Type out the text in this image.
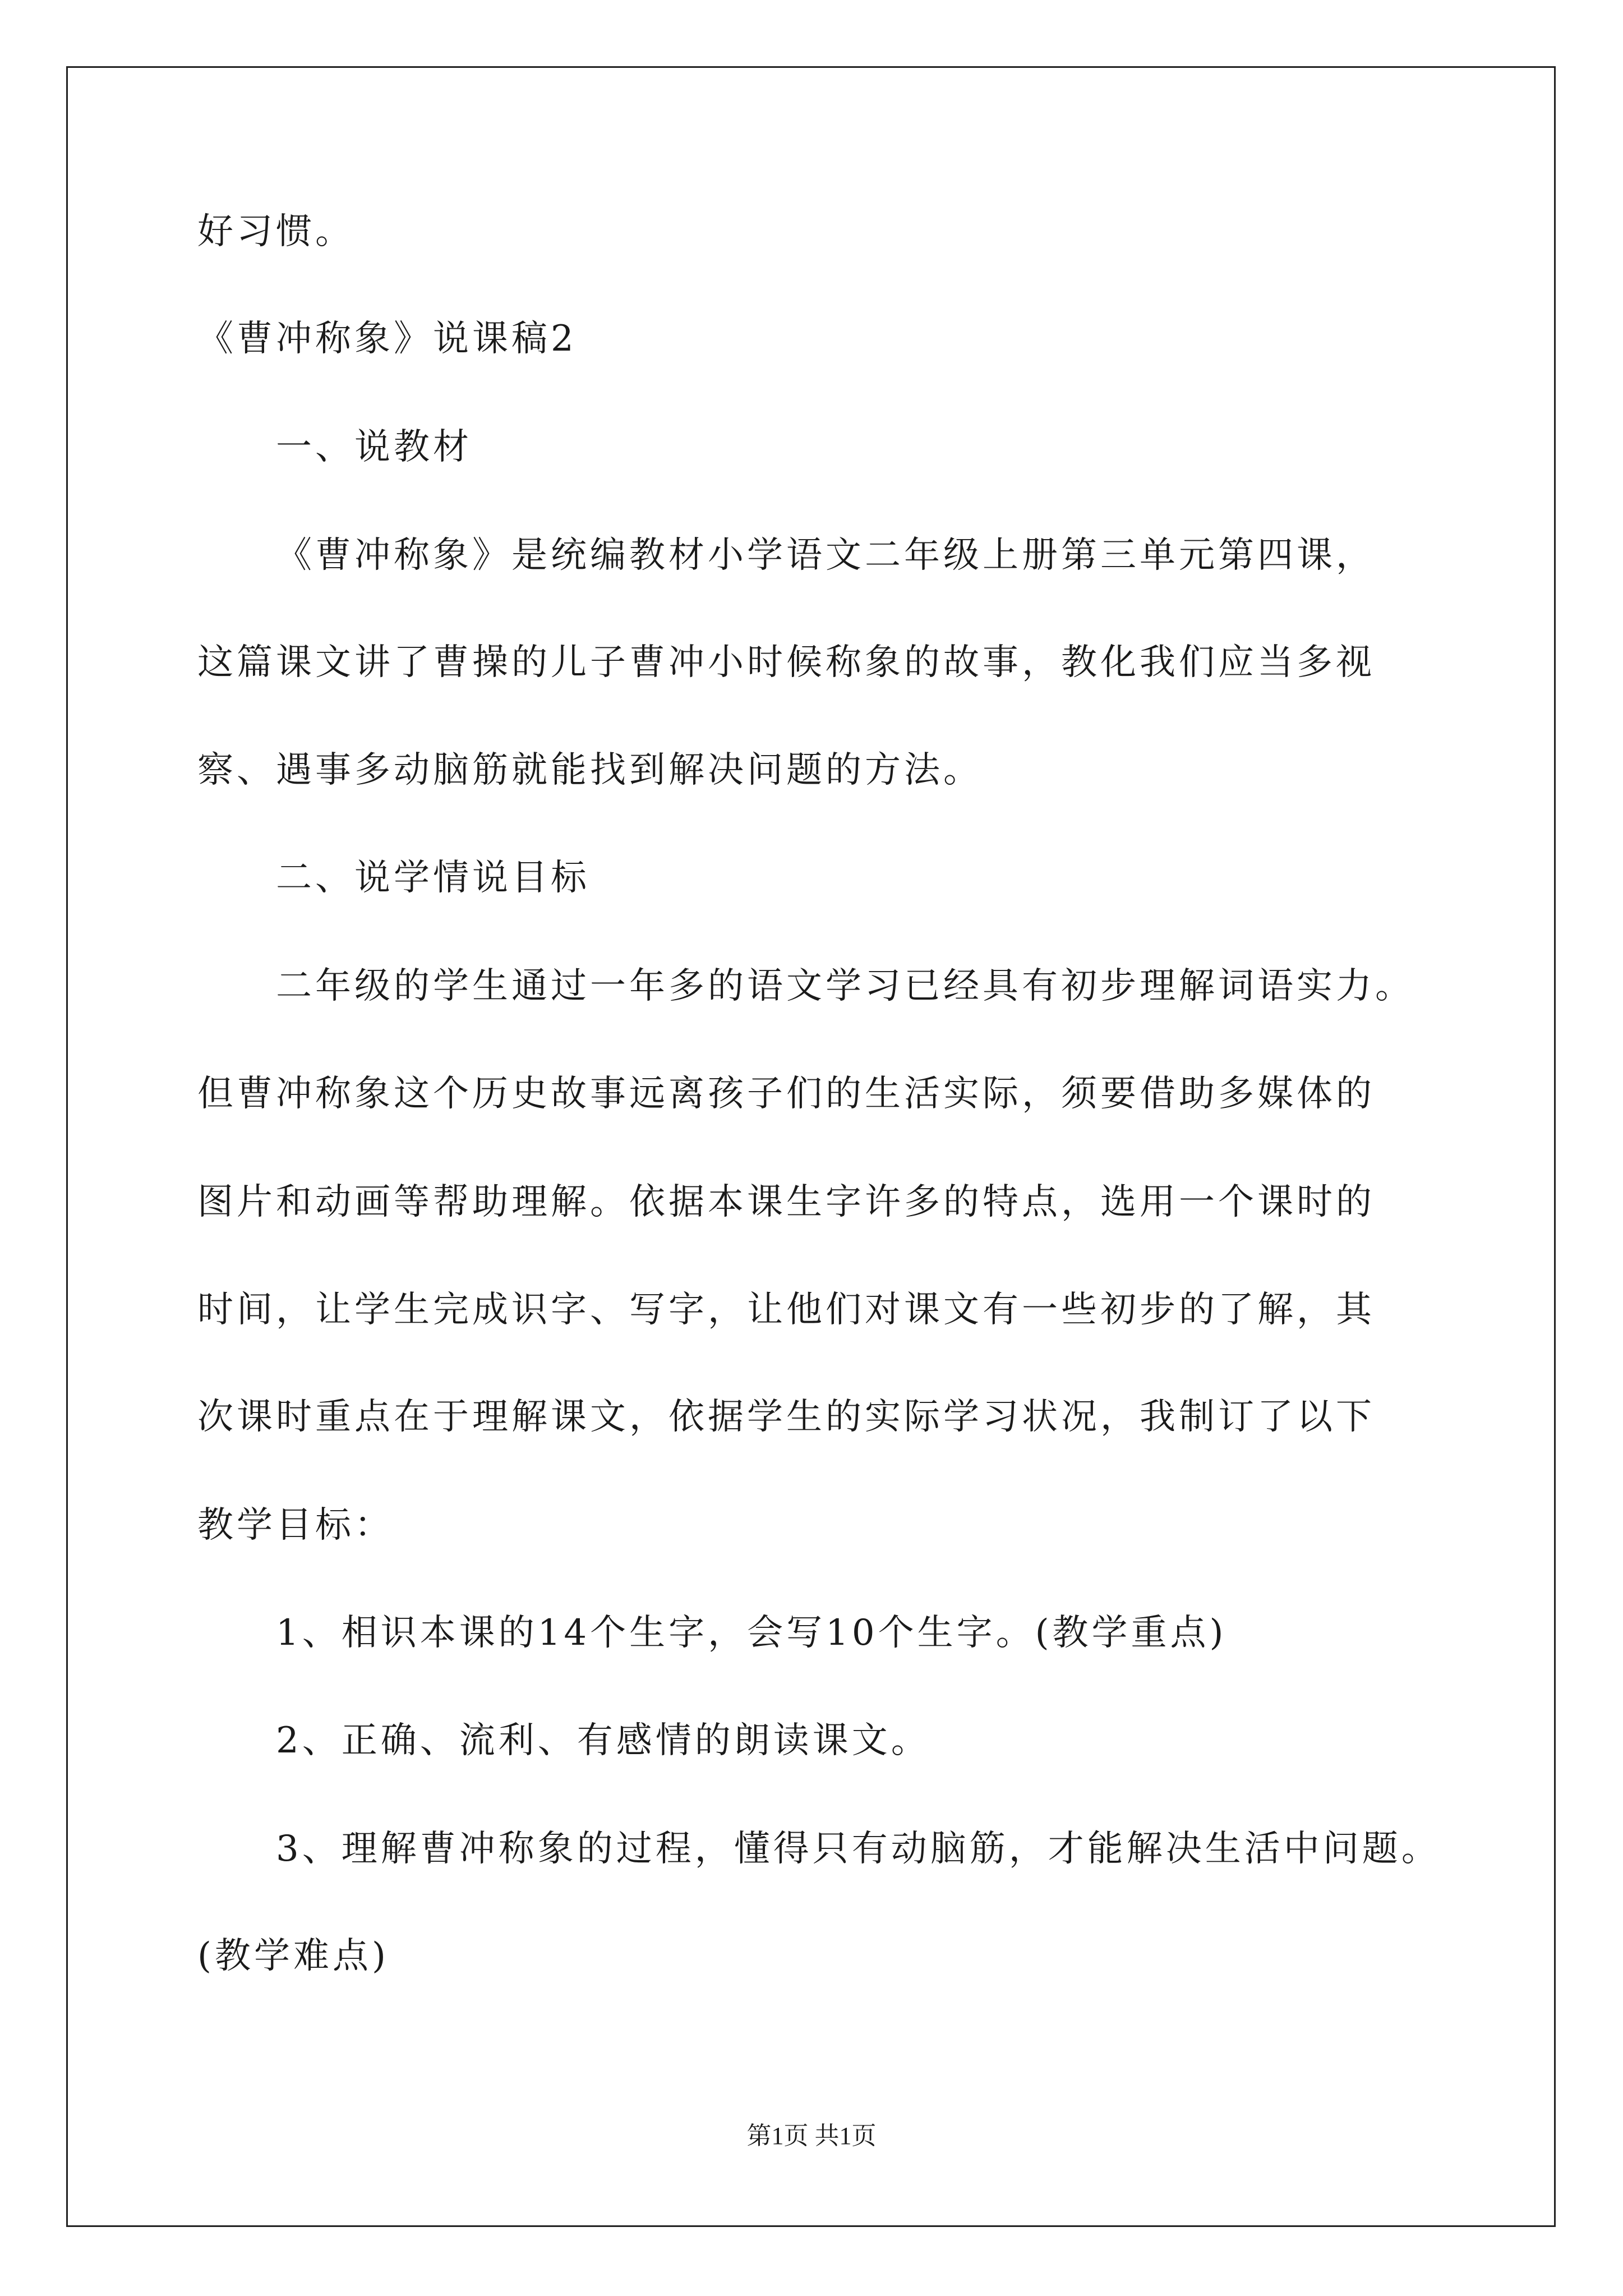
好习惯。
《曹冲称象》说课稿2
一、说教材
《曹冲称象》是统编教材小学语文二年级上册第三单元第四课，
这篇课文讲了曹操的儿子曹冲小时候称象的故事，教化我们应当多视
察、遇事多动脑筋就能找到解决问题的方法。
二、说学情说目标
二年级的学生通过一年多的语文学习已经具有初步理解词语实力。
但曹冲称象这个历史故事远离孩子们的生活实际，须要借助多媒体的
图片和动画等帮助理解。依据本课生字许多的特点，选用一个课时的
时间，让学生完成识字、写字，让他们对课文有一些初步的了解，其
次课时重点在于理解课文，依据学生的实际学习状况，我制订了以下
教学目标：
1、相识本课的14个生字，会写10个生字。(教学重点)
2、正确、流利、有感情的朗读课文。
3、理解曹冲称象的过程，懂得只有动脑筋，才能解决生活中问题。
(教学难点)
第1页 共1页
